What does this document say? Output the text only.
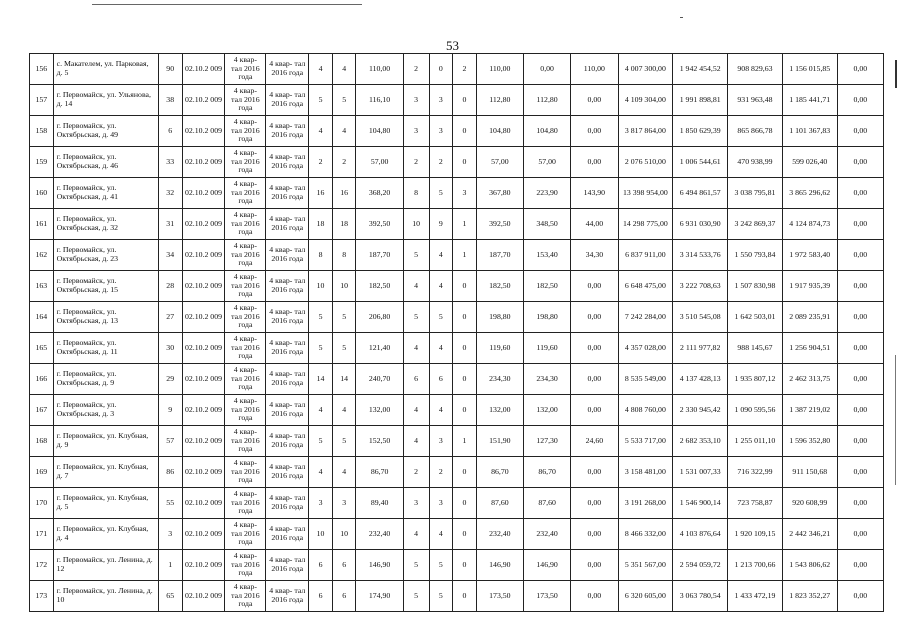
53
156	с. Макателем, ул. Парковая, д. 5	90	02.10.2 009	4 квар- тал 2016 года	4 квар- тал 2016 года	4	4	110,00	2	0	2	110,00	0,00	110,00	4 007 300,00	1 942 454,52	908 829,63	1 156 015,85	0,00
157	г. Первомайск, ул. Ульянова, д. 14	38	02.10.2 009	4 квар- тал 2016 года	4 квар- тал 2016 года	5	5	116,10	3	3	0	112,80	112,80	0,00	4 109 304,00	1 991 898,81	931 963,48	1 185 441,71	0,00
158	г. Первомайск, ул. Октябрьская, д. 49	6	02.10.2 009	4 квар- тал 2016 года	4 квар- тал 2016 года	4	4	104,80	3	3	0	104,80	104,80	0,00	3 817 864,00	1 850 629,39	865 866,78	1 101 367,83	0,00
159	г. Первомайск, ул. Октябрьская, д. 46	33	02.10.2 009	4 квар- тал 2016 года	4 квар- тал 2016 года	2	2	57,00	2	2	0	57,00	57,00	0,00	2 076 510,00	1 006 544,61	470 938,99	599 026,40	0,00
160	г. Первомайск, ул. Октябрьская, д. 41	32	02.10.2 009	4 квар- тал 2016 года	4 квар- тал 2016 года	16	16	368,20	8	5	3	367,80	223,90	143,90	13 398 954,00	6 494 861,57	3 038 795,81	3 865 296,62	0,00
161	г. Первомайск, ул. Октябрьская, д. 32	31	02.10.2 009	4 квар- тал 2016 года	4 квар- тал 2016 года	18	18	392,50	10	9	1	392,50	348,50	44,00	14 298 775,00	6 931 030,90	3 242 869,37	4 124 874,73	0,00
162	г. Первомайск, ул. Октябрьская, д. 23	34	02.10.2 009	4 квар- тал 2016 года	4 квар- тал 2016 года	8	8	187,70	5	4	1	187,70	153,40	34,30	6 837 911,00	3 314 533,76	1 550 793,84	1 972 583,40	0,00
163	г. Первомайск, ул. Октябрьская, д. 15	28	02.10.2 009	4 квар- тал 2016 года	4 квар- тал 2016 года	10	10	182,50	4	4	0	182,50	182,50	0,00	6 648 475,00	3 222 708,63	1 507 830,98	1 917 935,39	0,00
164	г. Первомайск, ул. Октябрьская, д. 13	27	02.10.2 009	4 квар- тал 2016 года	4 квар- тал 2016 года	5	5	206,80	5	5	0	198,80	198,80	0,00	7 242 284,00	3 510 545,08	1 642 503,01	2 089 235,91	0,00
165	г. Первомайск, ул. Октябрьская, д. 11	30	02.10.2 009	4 квар- тал 2016 года	4 квар- тал 2016 года	5	5	121,40	4	4	0	119,60	119,60	0,00	4 357 028,00	2 111 977,82	988 145,67	1 256 904,51	0,00
166	г. Первомайск, ул. Октябрьская, д. 9	29	02.10.2 009	4 квар- тал 2016 года	4 квар- тал 2016 года	14	14	240,70	6	6	0	234,30	234,30	0,00	8 535 549,00	4 137 428,13	1 935 807,12	2 462 313,75	0,00
167	г. Первомайск, ул. Октябрьская, д. 3	9	02.10.2 009	4 квар- тал 2016 года	4 квар- тал 2016 года	4	4	132,00	4	4	0	132,00	132,00	0,00	4 808 760,00	2 330 945,42	1 090 595,56	1 387 219,02	0,00
168	г. Первомайск, ул. Клубная, д. 9	57	02.10.2 009	4 квар- тал 2016 года	4 квар- тал 2016 года	5	5	152,50	4	3	1	151,90	127,30	24,60	5 533 717,00	2 682 353,10	1 255 011,10	1 596 352,80	0,00
169	г. Первомайск, ул. Клубная, д. 7	86	02.10.2 009	4 квар- тал 2016 года	4 квар- тал 2016 года	4	4	86,70	2	2	0	86,70	86,70	0,00	3 158 481,00	1 531 007,33	716 322,99	911 150,68	0,00
170	г. Первомайск, ул. Клубная, д. 5	55	02.10.2 009	4 квар- тал 2016 года	4 квар- тал 2016 года	3	3	89,40	3	3	0	87,60	87,60	0,00	3 191 268,00	1 546 900,14	723 758,87	920 608,99	0,00
171	г. Первомайск, ул. Клубная, д. 4	3	02.10.2 009	4 квар- тал 2016 года	4 квар- тал 2016 года	10	10	232,40	4	4	0	232,40	232,40	0,00	8 466 332,00	4 103 876,64	1 920 109,15	2 442 346,21	0,00
172	г. Первомайск, ул. Ленина, д. 12	1	02.10.2 009	4 квар- тал 2016 года	4 квар- тал 2016 года	6	6	146,90	5	5	0	146,90	146,90	0,00	5 351 567,00	2 594 059,72	1 213 700,66	1 543 806,62	0,00
173	г. Первомайск, ул. Ленина, д. 10	65	02.10.2 009	4 квар- тал 2016 года	4 квар- тал 2016 года	6	6	174,90	5	5	0	173,50	173,50	0,00	6 320 605,00	3 063 780,54	1 433 472,19	1 823 352,27	0,00
